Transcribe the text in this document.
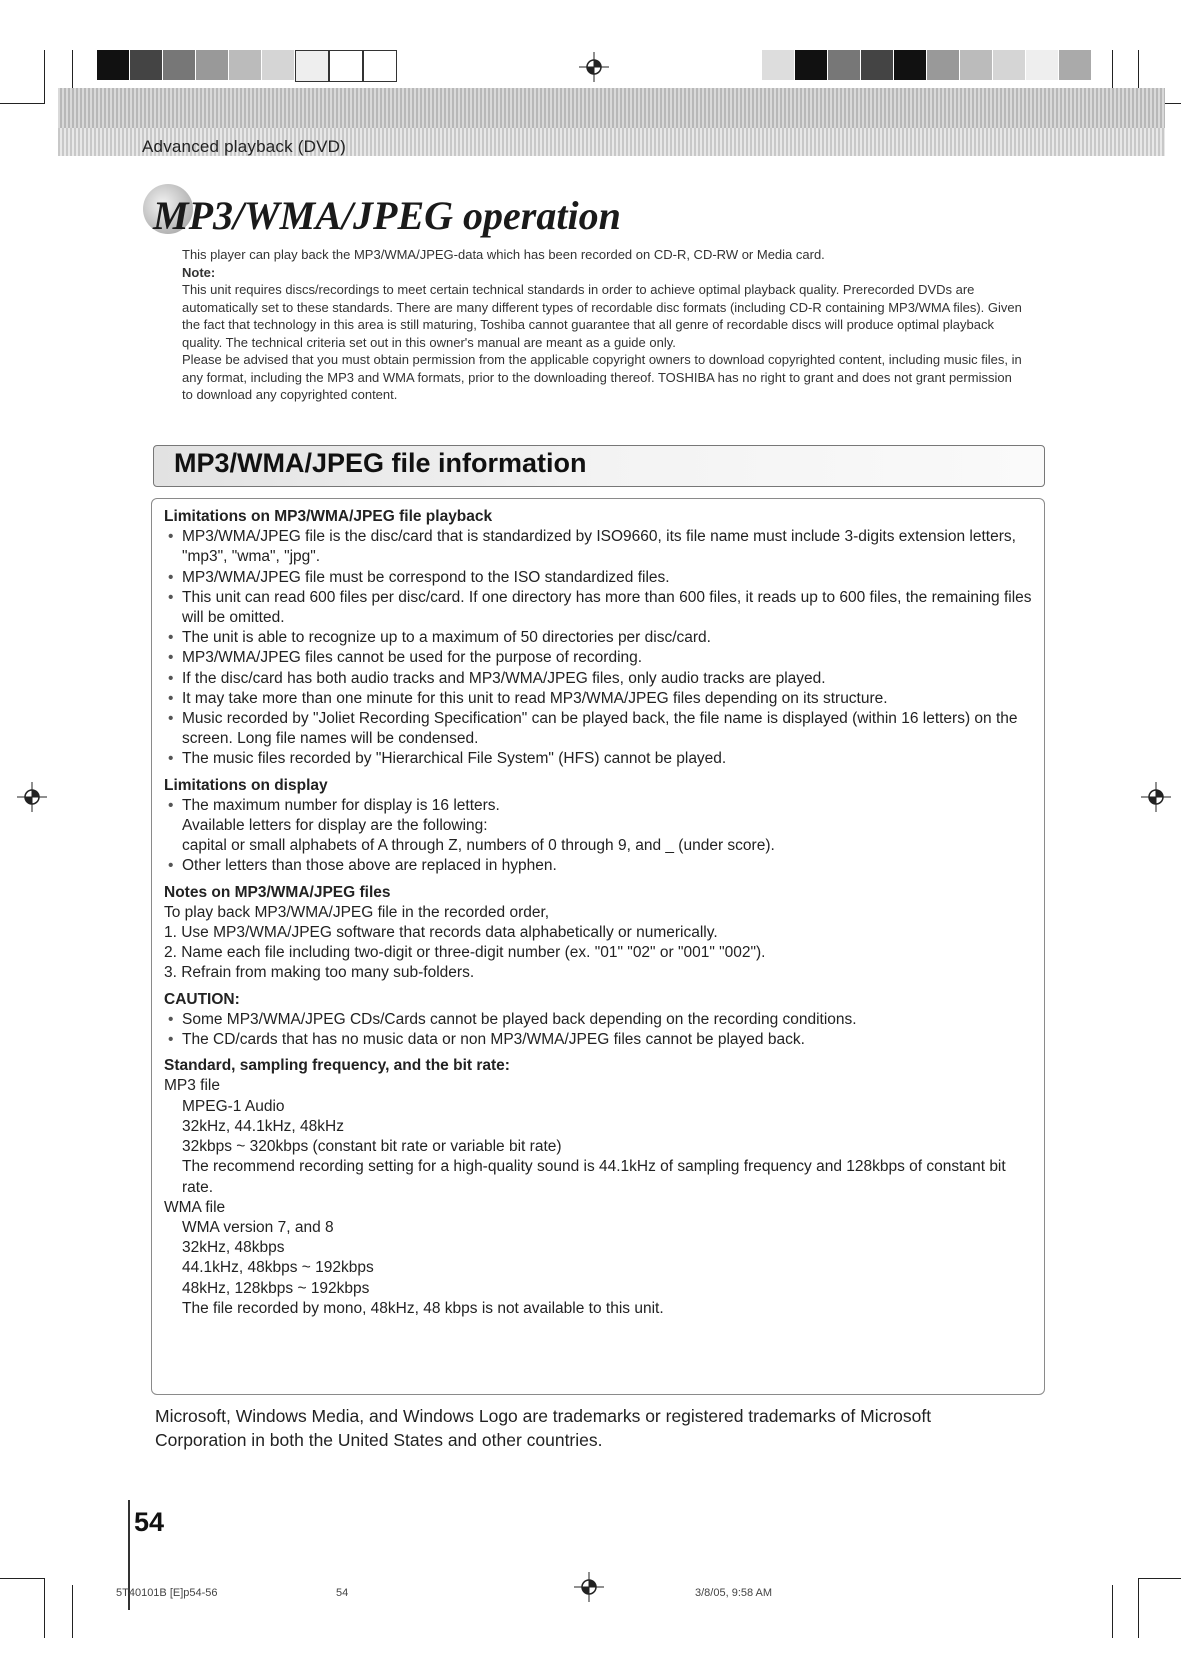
Advanced playback (DVD)
MP3/WMA/JPEG operation

This player can play back the MP3/WMA/JPEG-data which has been recorded on CD-R, CD-RW or Media card.

Note:

This unit requires discs/recordings to meet certain technical standards in order to achieve optimal playback quality. Prerecorded DVDs are automatically set to these standards. There are many different types of recordable disc formats (including CD-R containing MP3/WMA files). Given the fact that technology in this area is still maturing, Toshiba cannot guarantee that all genre of recordable discs will produce optimal playback quality. The technical criteria set out in this owner's manual are meant as a guide only.

Please be advised that you must obtain permission from the applicable copyright owners to download copyrighted content, including music files, in any format, including the MP3 and WMA formats, prior to the downloading thereof. TOSHIBA has no right to grant and does not grant permission to download any copyrighted content.

MP3/WMA/JPEG file information

Limitations on MP3/WMA/JPEG file playback

• MP3/WMA/JPEG file is the disc/card that is standardized by ISO9660, its file name must include 3-digits extension letters, "mp3", "wma", "jpg".
• MP3/WMA/JPEG file must be correspond to the ISO standardized files.
• This unit can read 600 files per disc/card. If one directory has more than 600 files, it reads up to 600 files, the remaining files will be omitted.
• The unit is able to recognize up to a maximum of 50 directories per disc/card.
• MP3/WMA/JPEG files cannot be used for the purpose of recording.
• If the disc/card has both audio tracks and MP3/WMA/JPEG files, only audio tracks are played.
• It may take more than one minute for this unit to read MP3/WMA/JPEG files depending on its structure.
• Music recorded by "Joliet Recording Specification" can be played back, the file name is displayed (within 16 letters) on the screen. Long file names will be condensed.
• The music files recorded by "Hierarchical File System" (HFS) cannot be played.

Limitations on display

• The maximum number for display is 16 letters.
Available letters for display are the following:
capital or small alphabets of A through Z, numbers of 0 through 9, and _ (under score).
• Other letters than those above are replaced in hyphen.

Notes on MP3/WMA/JPEG files

To play back MP3/WMA/JPEG file in the recorded order,

1. Use MP3/WMA/JPEG software that records data alphabetically or numerically.

2. Name each file including two-digit or three-digit number (ex. "01" "02" or "001" "002").

3. Refrain from making too many sub-folders.

CAUTION:

• Some MP3/WMA/JPEG CDs/Cards cannot be played back depending on the recording conditions.
• The CD/cards that has no music data or non MP3/WMA/JPEG files cannot be played back.

Standard, sampling frequency, and the bit rate:

MP3 file

MPEG-1 Audio

32kHz, 44.1kHz, 48kHz

32kbps ~ 320kbps (constant bit rate or variable bit rate)

The recommend recording setting for a high-quality sound is 44.1kHz of sampling frequency and 128kbps of constant bit rate.

WMA file

WMA version 7, and 8

32kHz, 48kbps

44.1kHz, 48kbps ~ 192kbps

48kHz, 128kbps ~ 192kbps

The file recorded by mono, 48kHz, 48 kbps is not available to this unit.

Microsoft, Windows Media, and Windows Logo are trademarks or registered trademarks of Microsoft Corporation in both the United States and other countries.
54
5T40101B [E]p54-56	54	3/8/05, 9:58 AM
